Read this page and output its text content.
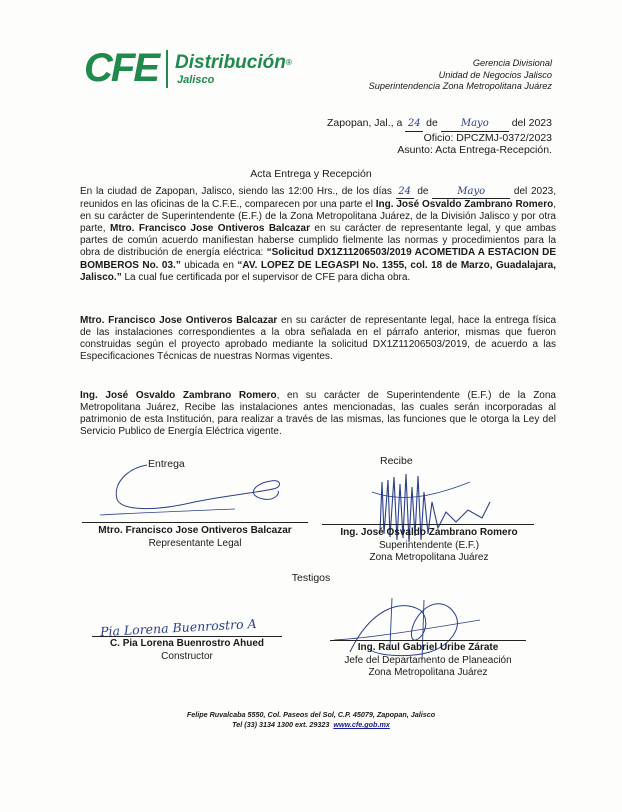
CFE Distribución®
Jalisco
Gerencia Divisional
Unidad de Negocios Jalisco
Superintendencia Zona Metropolitana Juárez
Zapopan, Jal., a 24 de Mayo del 2023
Oficio: DPCZMJ-0372/2023
Asunto: Acta Entrega-Recepción.
Acta Entrega y Recepción
En la ciudad de Zapopan, Jalisco, siendo las 12:00 Hrs., de los días 24 de	Mayo	del 2023, reunidos en las oficinas de la C.F.E., comparecen por una parte el Ing. José Osvaldo Zambrano Romero, en su carácter de Superintendente (E.F.) de la Zona Metropolitana Juárez, de la División Jalisco y por otra parte, Mtro. Francisco Jose Ontiveros Balcazar en su carácter de representante legal, y que ambas partes de común acuerdo manifiestan haberse cumplido fielmente las normas y procedimientos para la obra de distribución de energía eléctrica: “Solicitud DX1Z11206503/2019 ACOMETIDA A ESTACION DE BOMBEROS No. 03.” ubicada en “AV. LOPEZ DE LEGASPI No. 1355, col. 18 de Marzo, Guadalajara, Jalisco.” La cual fue certificada por el supervisor de CFE para dicha obra.
Mtro. Francisco Jose Ontiveros Balcazar en su carácter de representante legal, hace la entrega física de las instalaciones correspondientes a la obra señalada en el párrafo anterior, mismas que fueron construidas según el proyecto aprobado mediante la solicitud DX1Z11206503/2019, de acuerdo a las Especificaciones Técnicas de nuestras Normas vigentes.
Ing. José Osvaldo Zambrano Romero, en su carácter de Superintendente (E.F.) de la Zona Metropolitana Juárez, Recibe las instalaciones antes mencionadas, las cuales serán incorporadas al patrimonio de esta Institución, para realizar a través de las mismas, las funciones que le otorga la Ley del Servicio Publico de Energía Eléctrica vigente.
Entrega
Mtro. Francisco Jose Ontiveros Balcazar
Representante Legal
Recibe
Ing. José Osvaldo Zambrano Romero
Superintendente (E.F.)
Zona Metropolitana Juárez
Testigos
Pia Lorena Buenrostro A
C. Pia Lorena Buenrostro Ahued
Constructor
Ing. Raul Gabriel Uribe Zárate
Jefe del Departamento de Planeación
Zona Metropolitana Juárez
Felipe Ruvalcaba 5550, Col. Paseos del Sol, C.P. 45079, Zapopan, Jalisco
Tel (33) 3134 1300 ext. 29323 www.cfe.gob.mx
